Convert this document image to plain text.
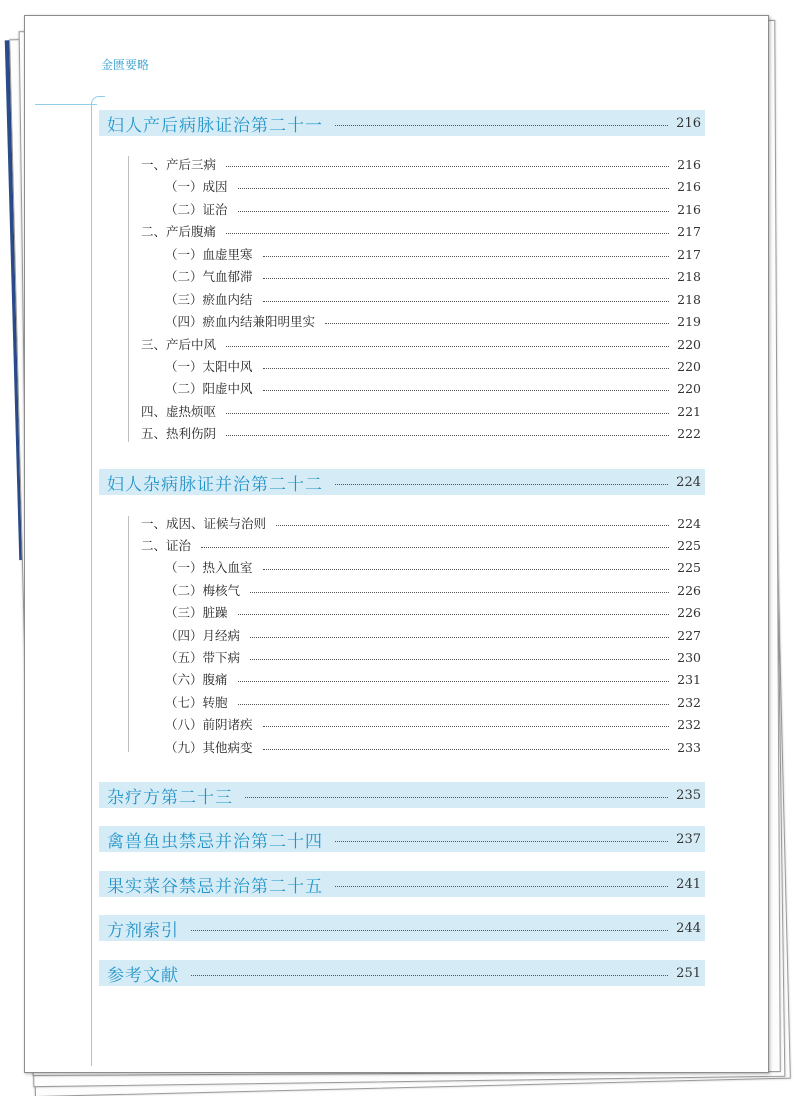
金匮要略
妇人产后病脉证治第二十一	216
一、产后三病	216
（一）成因	216
（二）证治	216
二、产后腹痛	217
（一）血虚里寒	217
（二）气血郁滞	218
（三）瘀血内结	218
（四）瘀血内结兼阳明里实	219
三、产后中风	220
（一）太阳中风	220
（二）阳虚中风	220
四、虚热烦呕	221
五、热利伤阴	222
妇人杂病脉证并治第二十二	224
一、成因、证候与治则	224
二、证治	225
（一）热入血室	225
（二）梅核气	226
（三）脏躁	226
（四）月经病	227
（五）带下病	230
（六）腹痛	231
（七）转胞	232
（八）前阴诸疾	232
（九）其他病变	233
杂疗方第二十三	235
禽兽鱼虫禁忌并治第二十四	237
果实菜谷禁忌并治第二十五	241
方剂索引	244
参考文献	251
